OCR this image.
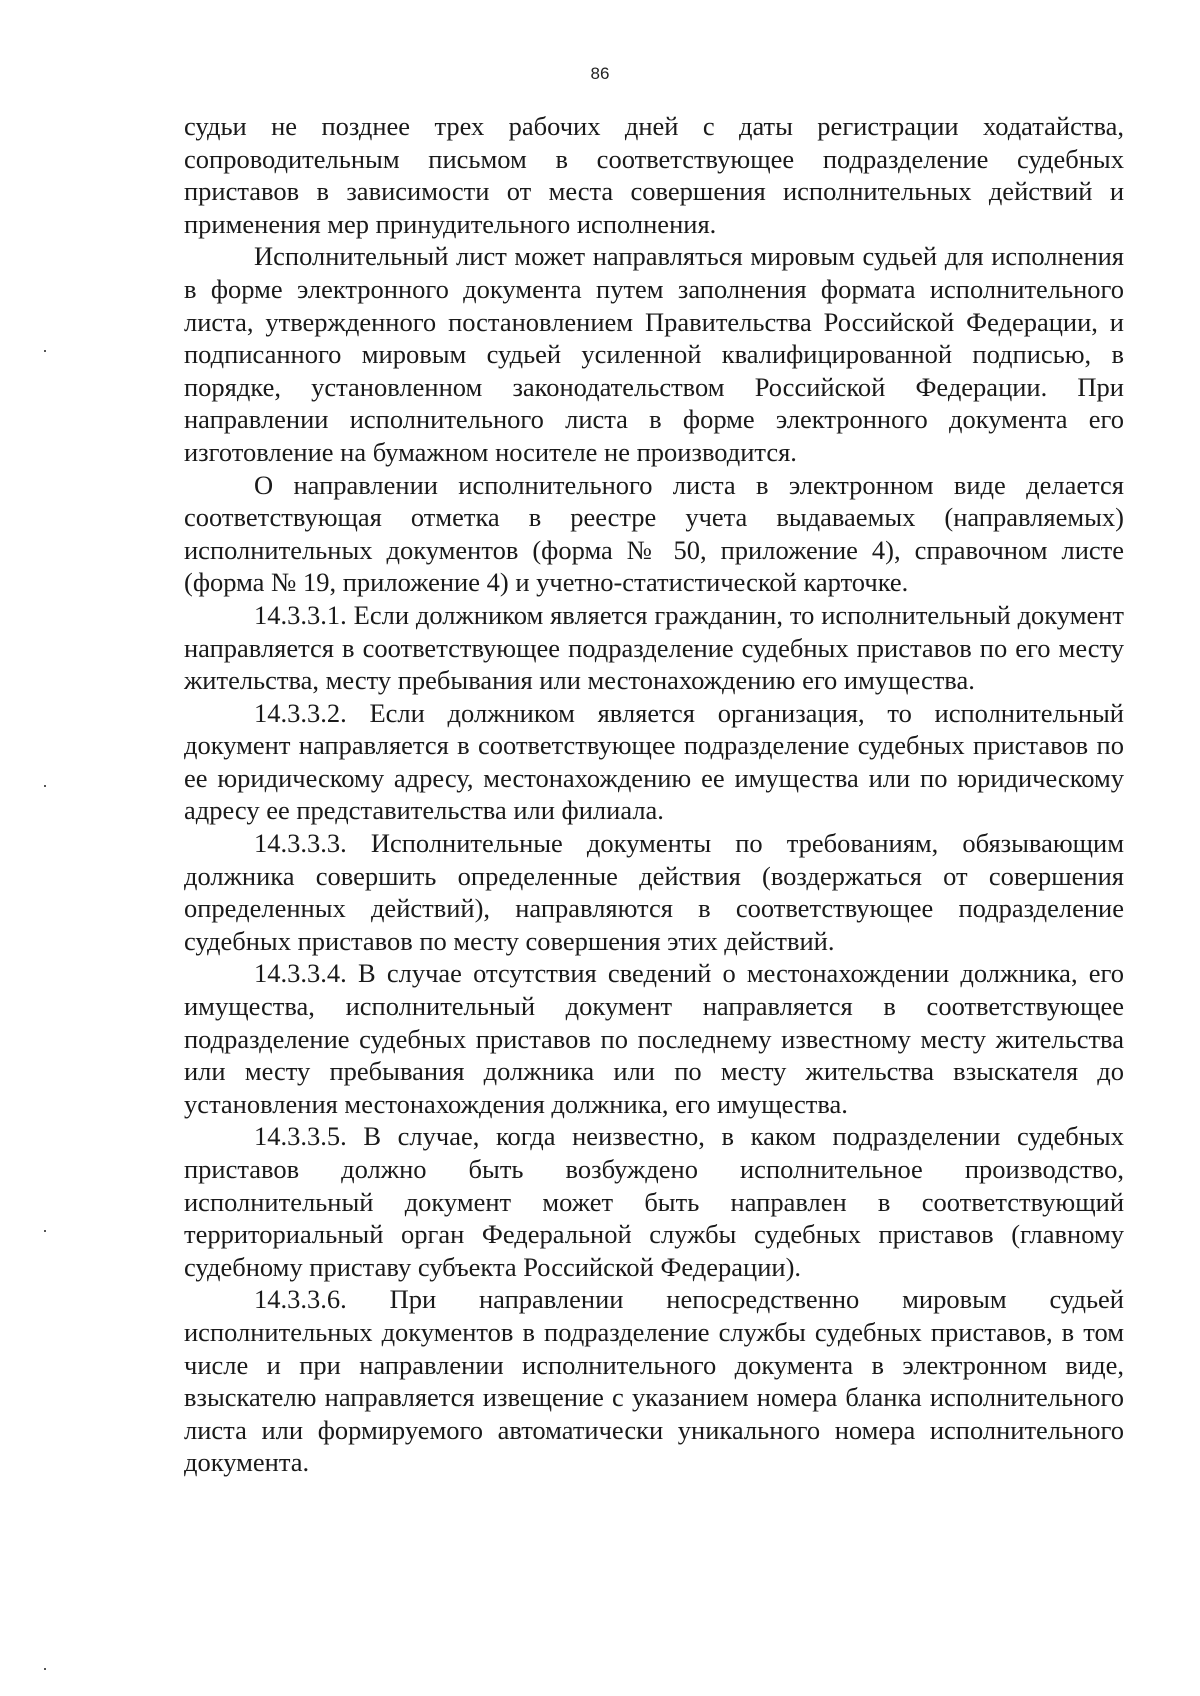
86

судьи не позднее трех рабочих дней с даты регистрации ходатайства, сопроводительным письмом в соответствующее подразделение судебных приставов в зависимости от места совершения исполнительных действий и применения мер принудительного исполнения.

Исполнительный лист может направляться мировым судьей для исполнения в форме электронного документа путем заполнения формата исполнительного листа, утвержденного постановлением Правительства Российской Федерации, и подписанного мировым судьей усиленной квалифицированной подписью, в порядке, установленном законодательством Российской Федерации. При направлении исполнительного листа в форме электронного документа его изготовление на бумажном носителе не производится.

О направлении исполнительного листа в электронном виде делается соответствующая отметка в реестре учета выдаваемых (направляемых) исполнительных документов (форма № 50, приложение 4), справочном листе (форма № 19, приложение 4) и учетно-статистической карточке.

14.3.3.1. Если должником является гражданин, то исполнительный документ направляется в соответствующее подразделение судебных приставов по его месту жительства, месту пребывания или местонахождению его имущества.

14.3.3.2. Если должником является организация, то исполнительный документ направляется в соответствующее подразделение судебных приставов по ее юридическому адресу, местонахождению ее имущества или по юридическому адресу ее представительства или филиала.

14.3.3.3. Исполнительные документы по требованиям, обязывающим должника совершить определенные действия (воздержаться от совершения определенных действий), направляются в соответствующее подразделение судебных приставов по месту совершения этих действий.

14.3.3.4. В случае отсутствия сведений о местонахождении должника, его имущества, исполнительный документ направляется в соответствующее подразделение судебных приставов по последнему известному месту жительства или месту пребывания должника или по месту жительства взыскателя до установления местонахождения должника, его имущества.

14.3.3.5. В случае, когда неизвестно, в каком подразделении судебных приставов должно быть возбуждено исполнительное производство, исполнительный документ может быть направлен в соответствующий территориальный орган Федеральной службы судебных приставов (главному судебному приставу субъекта Российской Федерации).

14.3.3.6. При направлении непосредственно мировым судьей исполнительных документов в подразделение службы судебных приставов, в том числе и при направлении исполнительного документа в электронном виде, взыскателю направляется извещение с указанием номера бланка исполнительного листа или формируемого автоматически уникального номера исполнительного документа.
